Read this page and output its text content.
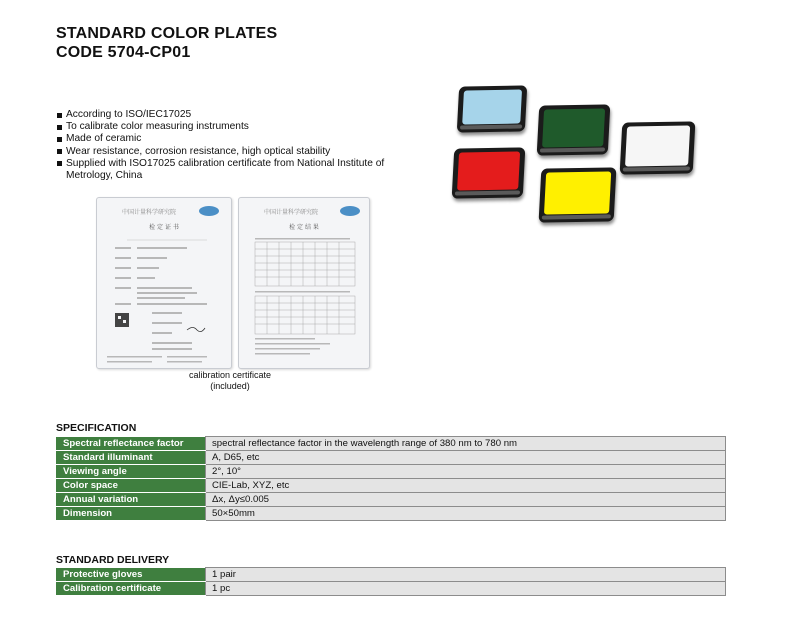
STANDARD COLOR PLATES
CODE 5704-CP01
According to ISO/IEC17025
To calibrate color measuring instruments
Made of ceramic
Wear resistance, corrosion resistance, high optical stability
Supplied with ISO17025 calibration certificate from National Institute of Metrology, China
中国计量科学研究院
检 定 证 书
中国计量科学研究院
检 定 结 果
calibration certificate
(included)
SPECIFICATION
Spectral reflectance factor	spectral reflectance factor in the wavelength range of 380 nm to 780 nm
Standard illuminant	A, D65, etc
Viewing angle	2°, 10°
Color space	CIE-Lab, XYZ, etc
Annual variation	Δx, Δy≤0.005
Dimension	50×50mm
STANDARD DELIVERY
Protective gloves	1 pair
Calibration certificate	1 pc
